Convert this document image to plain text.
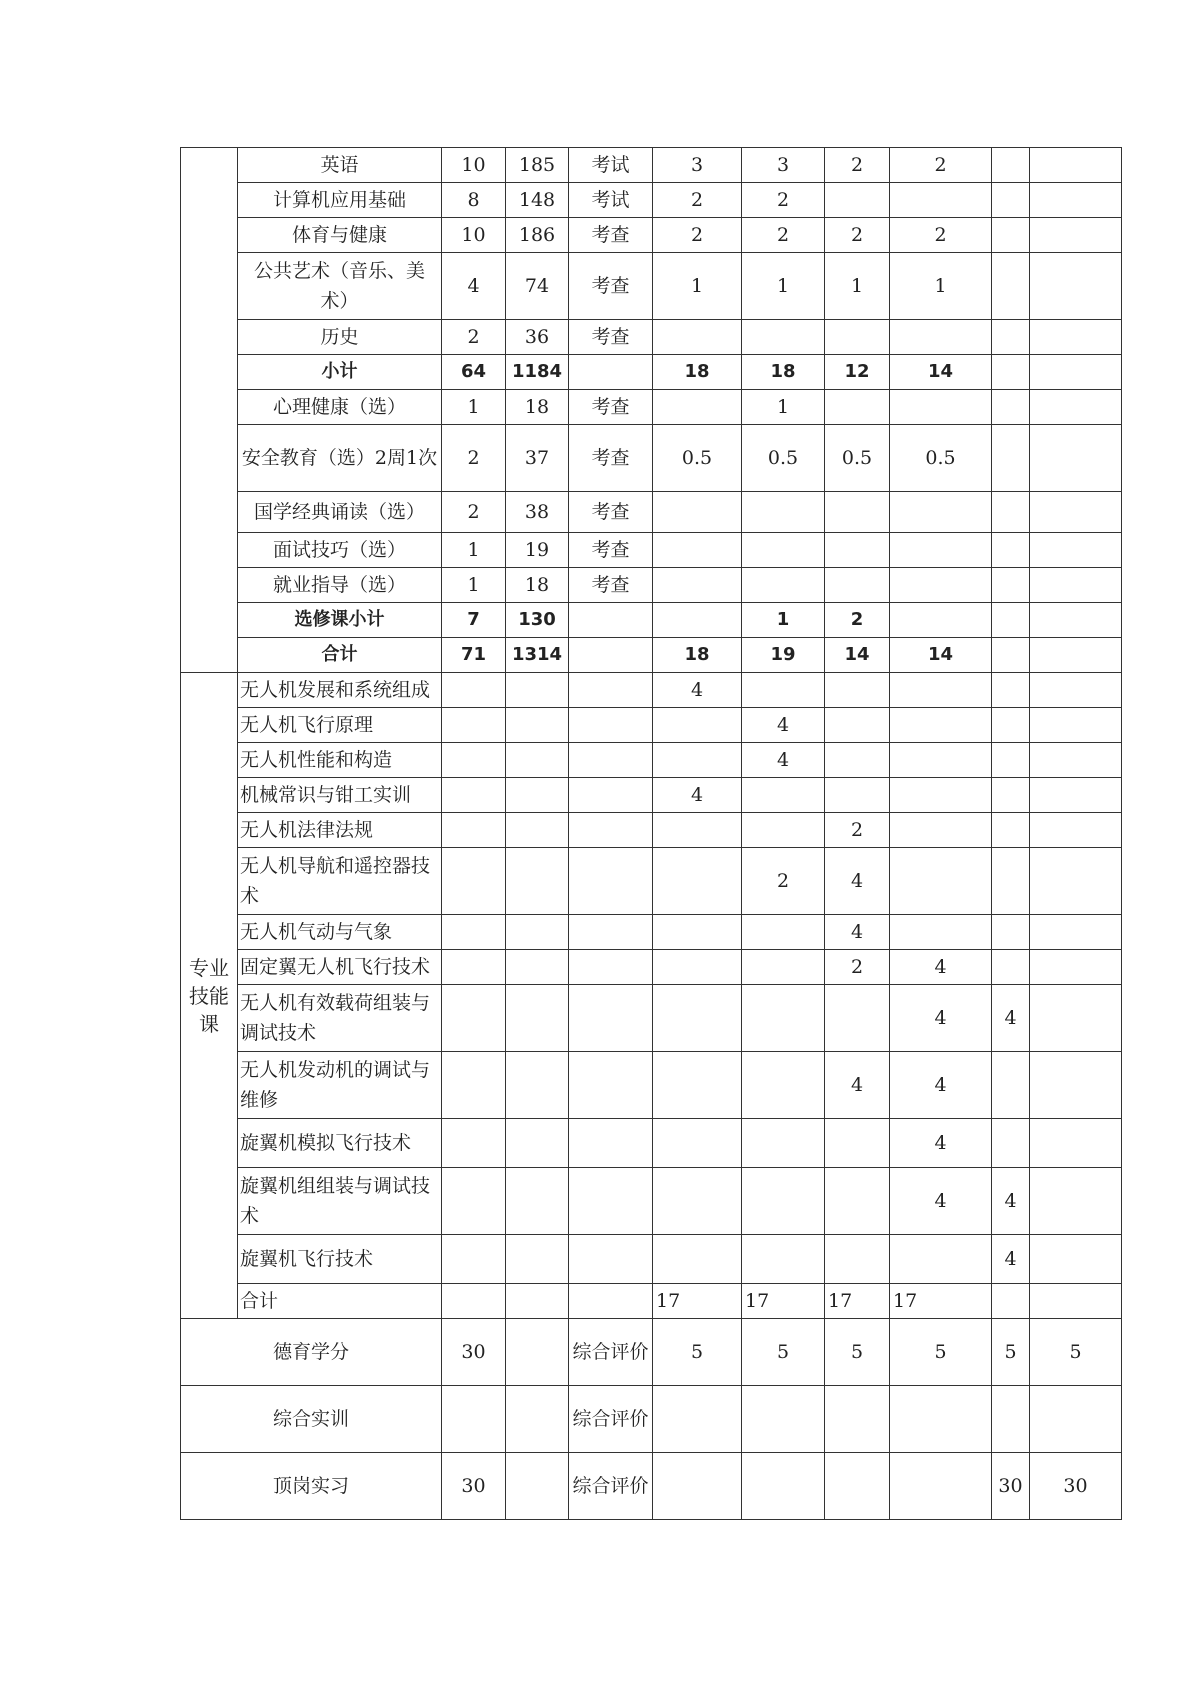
	英语	10	185	考试	3	3	2	2		
	计算机应用基础	8	148	考试	2	2				
	体育与健康	10	186	考查	2	2	2	2		
	公共艺术（音乐、美术）	4	74	考查	1	1	1	1		
	历史	2	36	考查						
	小计	64	1184		18	18	12	14		
	心理健康（选）	1	18	考查		1				
	安全教育（选）2周1次	2	37	考查	0.5	0.5	0.5	0.5		
	国学经典诵读（选）	2	38	考查						
	面试技巧（选）	1	19	考查						
	就业指导（选）	1	18	考查						
	选修课小计	7	130			1	2			
	合计	71	1314		18	19	14	14		
专业技能课	无人机发展和系统组成				4					
	无人机飞行原理					4				
	无人机性能和构造					4				
	机械常识与钳工实训				4					
	无人机法律法规						2			
	无人机导航和遥控器技术					2	4			
	无人机气动与气象						4			
	固定翼无人机飞行技术						2	4		
	无人机有效载荷组装与调试技术							4	4	
	无人机发动机的调试与维修						4	4		
	旋翼机模拟飞行技术							4		
	旋翼机组组装与调试技术							4	4	
	旋翼机飞行技术								4	
	合计				17	17	17	17		
德育学分		30		综合评价	5	5	5	5	5	5
综合实训				综合评价						
顶岗实习		30		综合评价					30	30
